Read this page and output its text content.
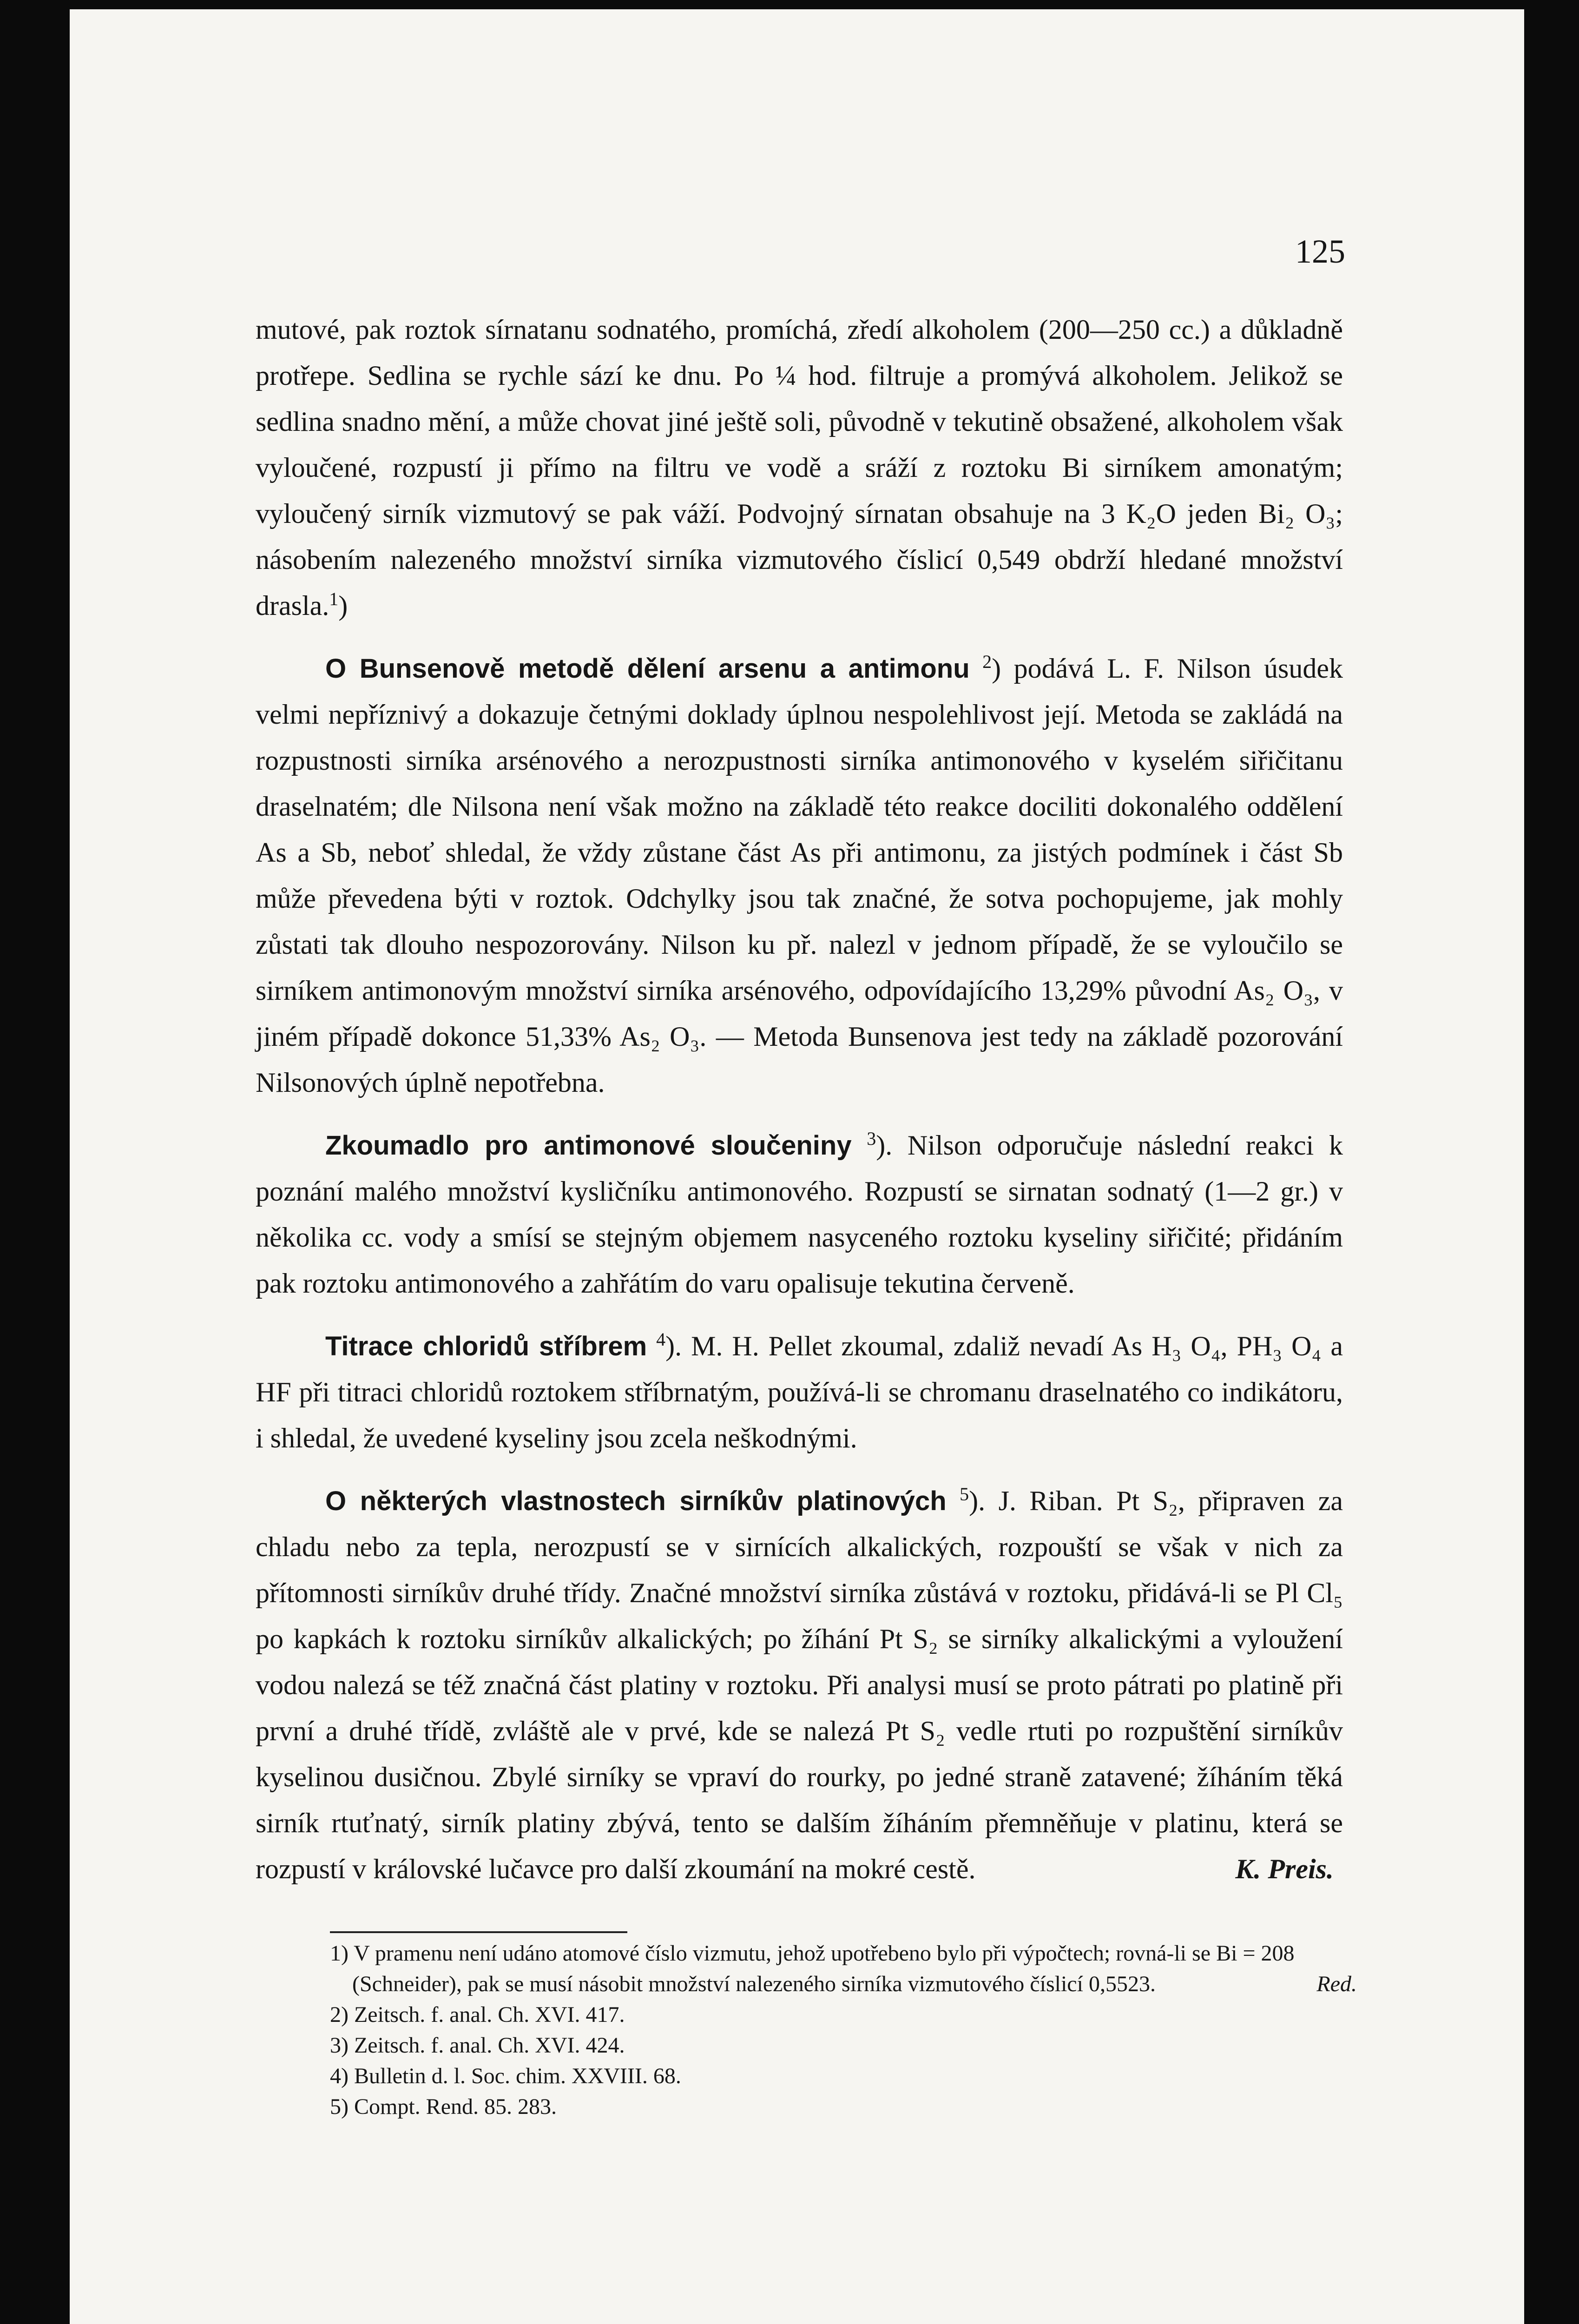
125

mutové, pak roztok sírnatanu sodnatého, promíchá, zředí alkoholem (200—250 cc.) a důkladně protřepe. Sedlina se rychle sází ke dnu. Po ¼ hod. filtruje a promývá alkoholem. Jelikož se sedlina snadno mění, a může chovat jiné ještě soli, původně v tekutině obsažené, alkoholem však vyloučené, rozpustí ji přímo na filtru ve vodě a sráží z roztoku Bi sirníkem amonatým; vyloučený sirník vizmutový se pak váží. Podvojný sírnatan obsahuje na 3 K₂O jeden Bi₂ O₃; násobením nalezeného množství sirníka vizmutového číslicí 0,549 obdrží hledané množství drasla.$^1$)

O Bunsenově metodě dělení arsenu a antimonu $^2$) podává L. F. Nilson úsudek velmi nepříznivý a dokazuje četnými doklady úplnou nespolehlivost její. Metoda se zakládá na rozpustnosti sirníka arsénového a nerozpustnosti sirníka antimonového v kyselém siřičitanu draselnatém; dle Nilsona není však možno na základě této reakce dociliti dokonalého oddělení As a Sb, neboť shledal, že vždy zůstane část As při antimonu, za jistých podmínek i část Sb může převedena býti v roztok. Odchylky jsou tak značné, že sotva pochopujeme, jak mohly zůstati tak dlouho nespozorovány. Nilson ku př. nalezl v jednom případě, že se vyloučilo se sirníkem antimonovým množství sirníka arsénového, odpovídajícího 13,29% původní As₂ O₃, v jiném případě dokonce 51,33% As₂ O₃. — Metoda Bunsenova jest tedy na základě pozorování Nilsonových úplně nepotřebna.

Zkoumadlo pro antimonové sloučeniny $^3$). Nilson odporučuje následní reakci k poznání malého množství kysličníku antimonového. Rozpustí se sirnatan sodnatý (1—2 gr.) v několika cc. vody a smísí se stejným objemem nasyceného roztoku kyseliny siřičité; přidáním pak roztoku antimonového a zahřátím do varu opalisuje tekutina červeně.

Titrace chloridů stříbrem $^4$). M. H. Pellet zkoumal, zdaliž nevadí As H₃ O₄, PH₃ O₄ a HF při titraci chloridů roztokem stříbrnatým, používá-li se chromanu draselnatého co indikátoru, i shledal, že uvedené kyseliny jsou zcela neškodnými.

O některých vlastnostech sirníkův platinových $^5$). J. Riban. Pt S₂, připraven za chladu nebo za tepla, nerozpustí se v sirnících alkalických, rozpouští se však v nich za přítomnosti sirníkův druhé třídy. Značné množství sirníka zůstává v roztoku, přidává-li se Pl Cl₅ po kapkách k roztoku sirníkův alkalických; po žíhání Pt S₂ se sirníky alkalickými a vyloužení vodou nalezá se též značná část platiny v roztoku. Při analysi musí se proto pátrati po platině při první a druhé třídě, zvláště ale v prvé, kde se nalezá Pt S₂ vedle rtuti po rozpuštění sirníkův kyselinou dusičnou. Zbylé sirníky se vpraví do rourky, po jedné straně zatavené; žíháním těká sirník rtuťnatý, sirník platiny zbývá, tento se dalším žíháním přemněňuje v platinu, která se rozpustí v královské lučavce pro další zkoumání na mokré cestě.	K. Preis.

1) V pramenu není udáno atomové číslo vizmutu, jehož upotřebeno bylo při výpočtech; rovná-li se Bi = 208 (Schneider), pak se musí násobit množství nalezeného sirníka vizmutového číslicí 0,5523.	Red.

2) Zeitsch. f. anal. Ch. XVI. 417.

3) Zeitsch. f. anal. Ch. XVI. 424.

4) Bulletin d. l. Soc. chim. XXVIII. 68.

5) Compt. Rend. 85. 283.
